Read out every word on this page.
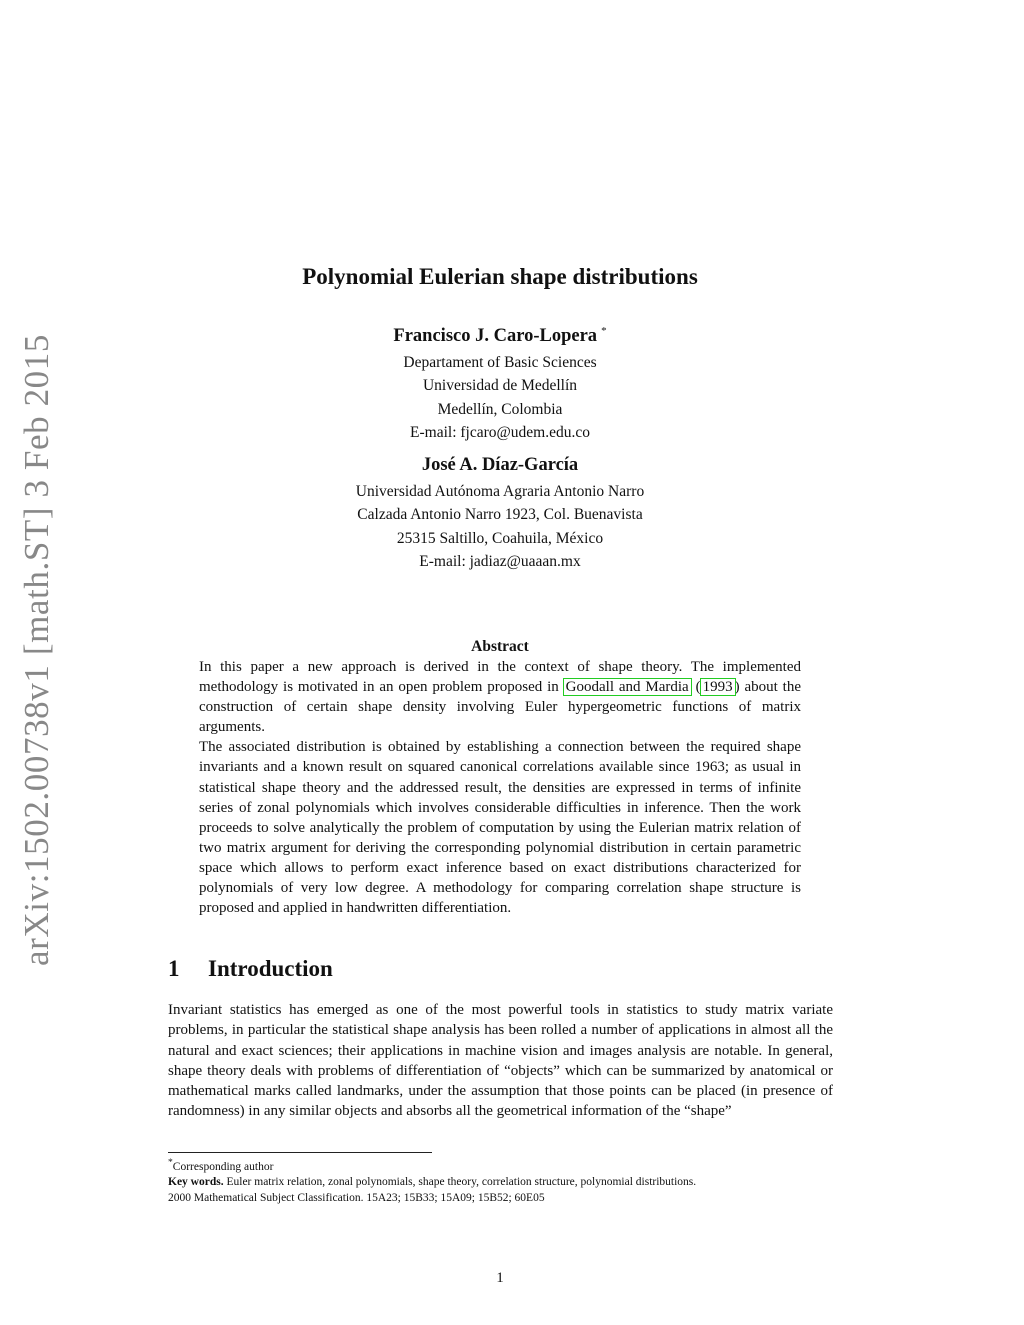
arXiv:1502.00738v1 [math.ST] 3 Feb 2015
Polynomial Eulerian shape distributions
Francisco J. Caro-Lopera *
Departament of Basic Sciences
Universidad de Medellín
Medellín, Colombia
E-mail: fjcaro@udem.edu.co
José A. Díaz-García
Universidad Autónoma Agraria Antonio Narro
Calzada Antonio Narro 1923, Col. Buenavista
25315 Saltillo, Coahuila, México
E-mail: jadiaz@uaaan.mx
Abstract

In this paper a new approach is derived in the context of shape theory. The implemented methodology is motivated in an open problem proposed in Goodall and Mardia ( 1993 ) about the construction of certain shape density involving Euler hypergeometric functions of matrix arguments.

The associated distribution is obtained by establishing a connection between the required shape invariants and a known result on squared canonical correlations available since 1963; as usual in statistical shape theory and the addressed result, the densities are expressed in terms of infinite series of zonal polynomials which involves considerable difficulties in inference. Then the work proceeds to solve analytically the problem of computation by using the Eulerian matrix relation of two matrix argument for deriving the corresponding polynomial distribution in certain parametric space which allows to perform exact inference based on exact distributions characterized for polynomials of very low degree. A methodology for comparing correlation shape structure is proposed and applied in handwritten differentiation.

1 Introduction

Invariant statistics has emerged as one of the most powerful tools in statistics to study matrix variate problems, in particular the statistical shape analysis has been rolled a number of applications in almost all the natural and exact sciences; their applications in machine vision and images analysis are notable. In general, shape theory deals with problems of differentiation of “objects” which can be summarized by anatomical or mathematical marks called landmarks, under the assumption that those points can be placed (in presence of randomness) in any similar objects and absorbs all the geometrical information of the “shape”

*Corresponding author
Key words. Euler matrix relation, zonal polynomials, shape theory, correlation structure, polynomial distributions.
2000 Mathematical Subject Classification. 15A23; 15B33; 15A09; 15B52; 60E05
1
